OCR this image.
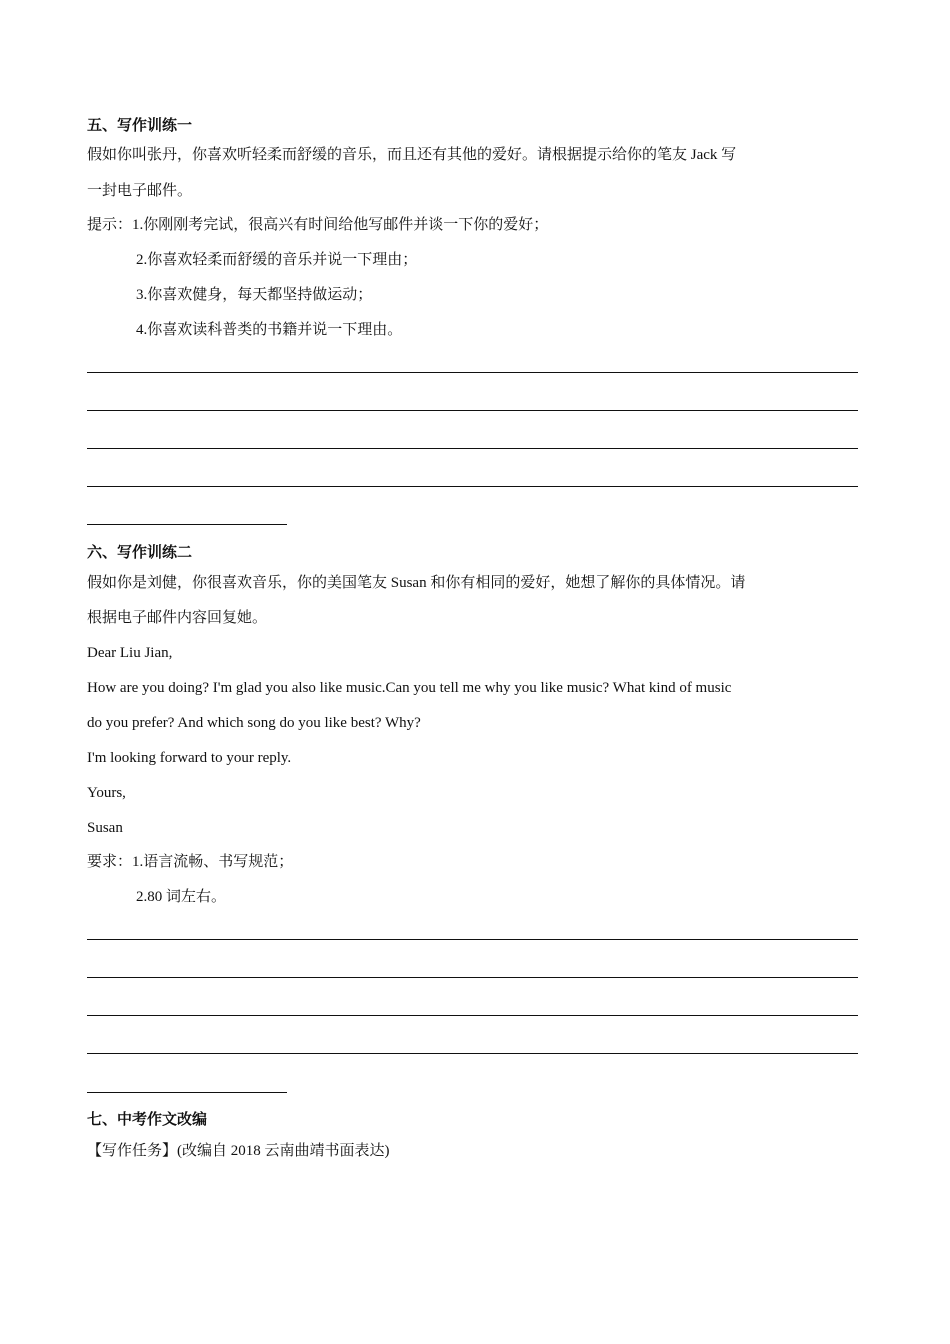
五、写作训练一
假如你叫张丹，你喜欢听轻柔而舒缓的音乐，而且还有其他的爱好。请根据提示给你的笔友 Jack 写
一封电子邮件。
提示：1.你刚刚考完试，很高兴有时间给他写邮件并谈一下你的爱好；
2.你喜欢轻柔而舒缓的音乐并说一下理由；
3.你喜欢健身，每天都坚持做运动；
4.你喜欢读科普类的书籍并说一下理由。
六、写作训练二
假如你是刘健，你很喜欢音乐，你的美国笔友 Susan 和你有相同的爱好，她想了解你的具体情况。请
根据电子邮件内容回复她。
Dear Liu Jian,
How are you doing? I'm glad you also like music.Can you tell me why you like music? What kind of music
do you prefer? And which song do you like best? Why?
I'm looking forward to your reply.
Yours,
Susan
要求：1.语言流畅、书写规范；
2.80 词左右。
七、中考作文改编
【写作任务】(改编自 2018 云南曲靖书面表达)
